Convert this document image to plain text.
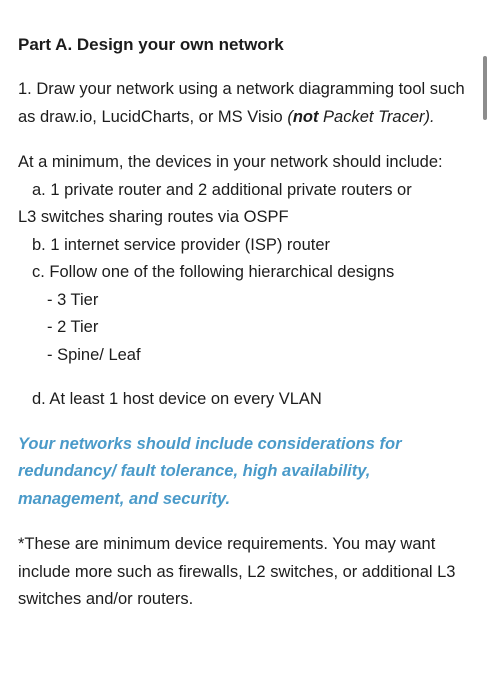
Part A. Design your own network

1. Draw your network using a network diagramming tool such as draw.io, LucidCharts, or MS Visio (not Packet Tracer).

At a minimum, the devices in your network should include:

a. 1 private router and 2 additional private routers or

L3 switches sharing routes via OSPF

b. 1 internet service provider (ISP) router

c. Follow one of the following hierarchical designs

- 3 Tier

- 2 Tier

- Spine/ Leaf

d. At least 1 host device on every VLAN

Your networks should include considerations for redundancy/ fault tolerance, high availability, management, and security.

*These are minimum device requirements. You may want include more such as firewalls, L2 switches, or additional L3 switches and/or routers.
